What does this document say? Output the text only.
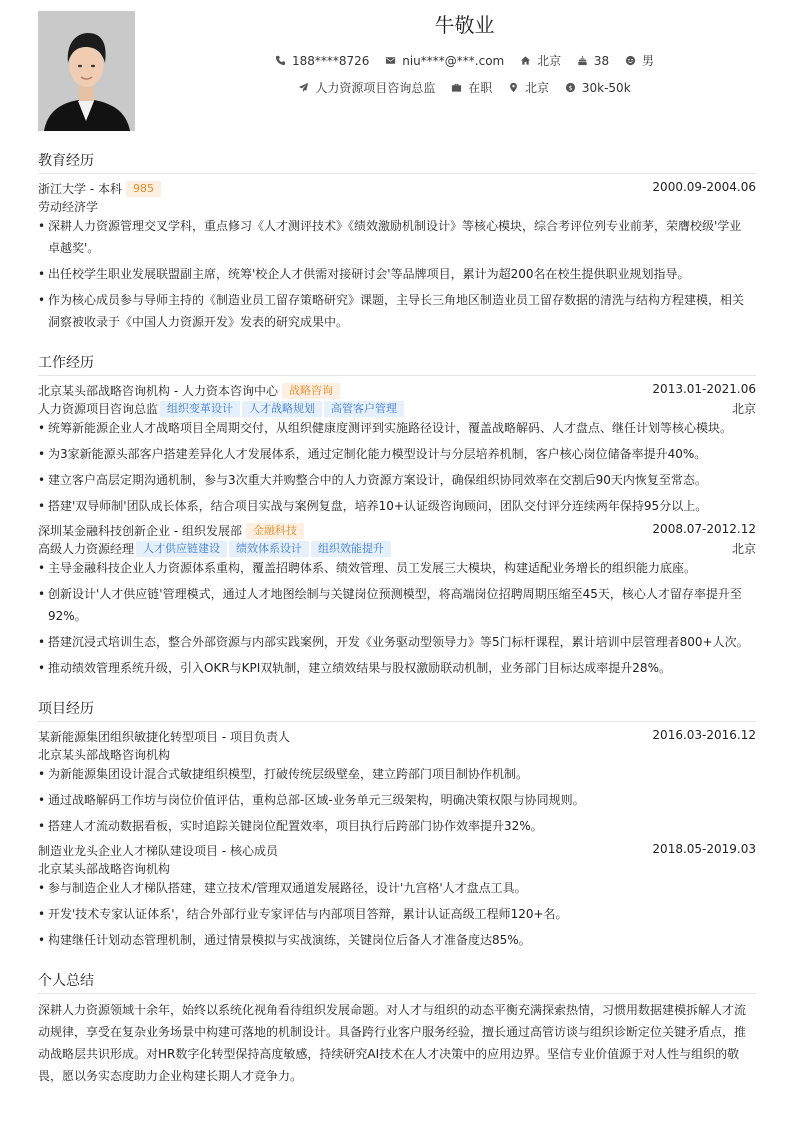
牛敬业
188****8726	niu****@***.com	北京	38	男
人力资源项目咨询总监	在职	北京	$ 30k-50k
教育经历
浙江大学 - 本科 985	2000.09-2004.06
劳动经济学
• 深耕人力资源管理交叉学科，重点修习《人才测评技术》《绩效激励机制设计》等核心模块，综合考评位列专业前茅，荣膺校级'学业
卓越奖'。
• 出任校学生职业发展联盟副主席，统筹'校企人才供需对接研讨会'等品牌项目，累计为超200名在校生提供职业规划指导。
• 作为核心成员参与导师主持的《制造业员工留存策略研究》课题，主导长三角地区制造业员工留存数据的清洗与结构方程建模，相关
洞察被收录于《中国人力资源开发》发表的研究成果中。
工作经历
北京某头部战略咨询机构 - 人力资本咨询中心 战略咨询	2013.01-2021.06
人力资源项目咨询总监 组织变革设计 人才战略规划 高管客户管理	北京
• 统筹新能源企业人才战略项目全周期交付，从组织健康度测评到实施路径设计，覆盖战略解码、人才盘点、继任计划等核心模块。
• 为3家新能源头部客户搭建差异化人才发展体系，通过定制化能力模型设计与分层培养机制，客户核心岗位储备率提升40%。
• 建立客户高层定期沟通机制，参与3次重大并购整合中的人力资源方案设计，确保组织协同效率在交割后90天内恢复至常态。
• 搭建'双导师制'团队成长体系，结合项目实战与案例复盘，培养10+认证级咨询顾问，团队交付评分连续两年保持95分以上。
深圳某金融科技创新企业 - 组织发展部 金融科技	2008.07-2012.12
高级人力资源经理 人才供应链建设 绩效体系设计 组织效能提升	北京
• 主导金融科技企业人力资源体系重构，覆盖招聘体系、绩效管理、员工发展三大模块，构建适配业务增长的组织能力底座。
• 创新设计'人才供应链'管理模式，通过人才地图绘制与关键岗位预测模型，将高端岗位招聘周期压缩至45天，核心人才留存率提升至
92%。
• 搭建沉浸式培训生态，整合外部资源与内部实践案例，开发《业务驱动型领导力》等5门标杆课程，累计培训中层管理者800+人次。
• 推动绩效管理系统升级，引入OKR与KPI双轨制，建立绩效结果与股权激励联动机制，业务部门目标达成率提升28%。
项目经历
某新能源集团组织敏捷化转型项目 - 项目负责人	2016.03-2016.12
北京某头部战略咨询机构
• 为新能源集团设计混合式敏捷组织模型，打破传统层级壁垒，建立跨部门项目制协作机制。
• 通过战略解码工作坊与岗位价值评估，重构总部-区域-业务单元三级架构，明确决策权限与协同规则。
• 搭建人才流动数据看板，实时追踪关键岗位配置效率，项目执行后跨部门协作效率提升32%。
制造业龙头企业人才梯队建设项目 - 核心成员	2018.05-2019.03
北京某头部战略咨询机构
• 参与制造企业人才梯队搭建，建立技术/管理双通道发展路径，设计'九宫格'人才盘点工具。
• 开发'技术专家认证体系'，结合外部行业专家评估与内部项目答辩，累计认证高级工程师120+名。
• 构建继任计划动态管理机制，通过情景模拟与实战演练，关键岗位后备人才准备度达85%。
个人总结
深耕人力资源领域十余年，始终以系统化视角看待组织发展命题。对人才与组织的动态平衡充满探索热情，习惯用数据建模拆解人才流动规律，享受在复杂业务场景中构建可落地的机制设计。具备跨行业客户服务经验，擅长通过高管访谈与组织诊断定位关键矛盾点，推动战略层共识形成。对HR数字化转型保持高度敏感，持续研究AI技术在人才决策中的应用边界。坚信专业价值源于对人性与组织的敬畏，愿以务实态度助力企业构建长期人才竞争力。
